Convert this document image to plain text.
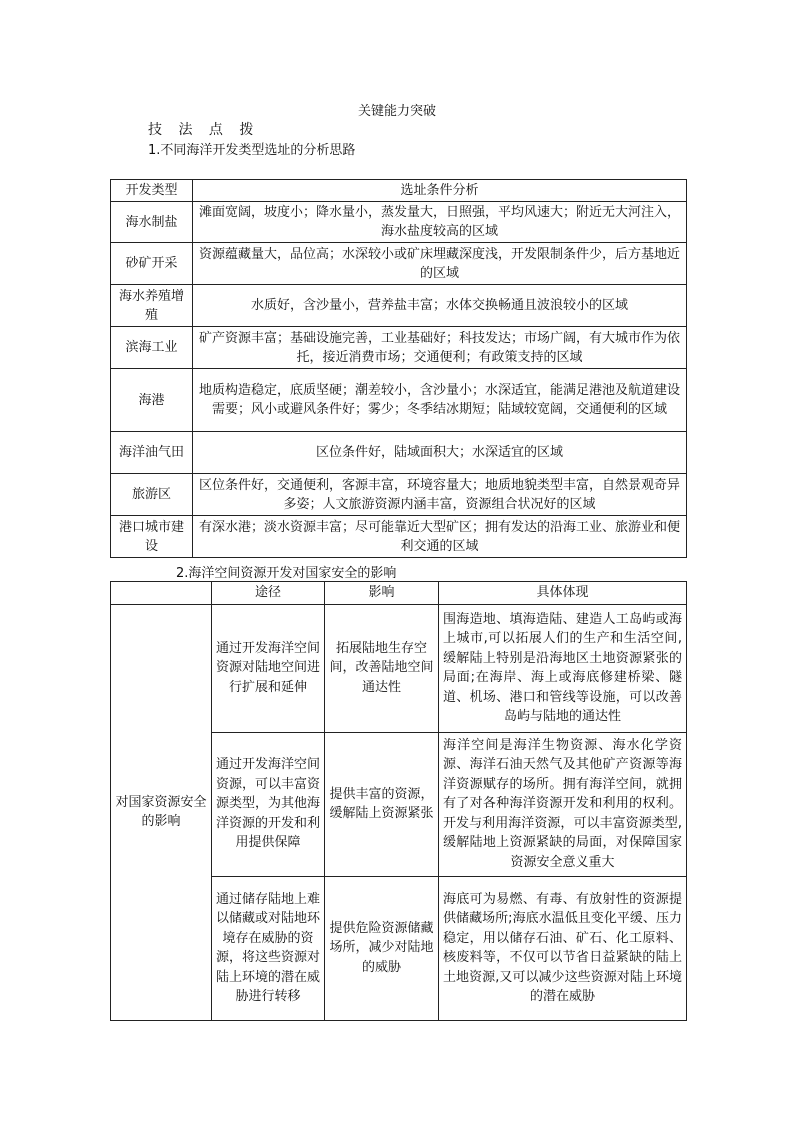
关键能力突破
技 法 点 拨
1.不同海洋开发类型选址的分析思路
开发类型	选址条件分析
海水制盐	滩面宽阔，坡度小；降水量小，蒸发量大，日照强，平均风速大；附近无大河注入，海水盐度较高的区域
砂矿开采	资源蕴藏量大，品位高；水深较小或矿床埋藏深度浅，开发限制条件少，后方基地近的区域
海水养殖增殖	水质好，含沙量小，营养盐丰富；水体交换畅通且波浪较小的区域
滨海工业	矿产资源丰富；基础设施完善，工业基础好；科技发达；市场广阔，有大城市作为依托，接近消费市场；交通便利；有政策支持的区域
海港	地质构造稳定，底质坚硬；潮差较小，含沙量小；水深适宜，能满足港池及航道建设需要；风小或避风条件好；雾少；冬季结冰期短；陆域较宽阔，交通便利的区域
海洋油气田	区位条件好，陆域面积大；水深适宜的区域
旅游区	区位条件好，交通便利，客源丰富，环境容量大；地质地貌类型丰富，自然景观奇异多姿；人文旅游资源内涵丰富，资源组合状况好的区域
港口城市建设	有深水港；淡水资源丰富；尽可能靠近大型矿区；拥有发达的沿海工业、旅游业和便利交通的区域
2.海洋空间资源开发对国家安全的影响
	途径	影响	具体体现
对国家资源安全的影响	通过开发海洋空间资源对陆地空间进行扩展和延伸	拓展陆地生存空间，改善陆地空间通达性	围海造地、填海造陆、建造人工岛屿或海上城市,可以拓展人们的生产和生活空间,缓解陆上特别是沿海地区土地资源紧张的局面;在海岸、海上或海底修建桥梁、隧道、机场、港口和管线等设施，可以改善岛屿与陆地的通达性
	通过开发海洋空间资源，可以丰富资源类型，为其他海洋资源的开发和利用提供保障	提供丰富的资源，缓解陆上资源紧张	海洋空间是海洋生物资源、海水化学资源、海洋石油天然气及其他矿产资源等海洋资源赋存的场所。拥有海洋空间，就拥有了对各种海洋资源开发和利用的权利。开发与利用海洋资源，可以丰富资源类型,缓解陆地上资源紧缺的局面，对保障国家资源安全意义重大
	通过储存陆地上难以储藏或对陆地环境存在威胁的资源，将这些资源对陆上环境的潜在威胁进行转移	提供危险资源储藏场所，减少对陆地的威胁	海底可为易燃、有毒、有放射性的资源提供储藏场所;海底水温低且变化平缓、压力稳定，用以储存石油、矿石、化工原料、核废料等，不仅可以节省日益紧缺的陆上土地资源,又可以减少这些资源对陆上环境的潜在威胁
